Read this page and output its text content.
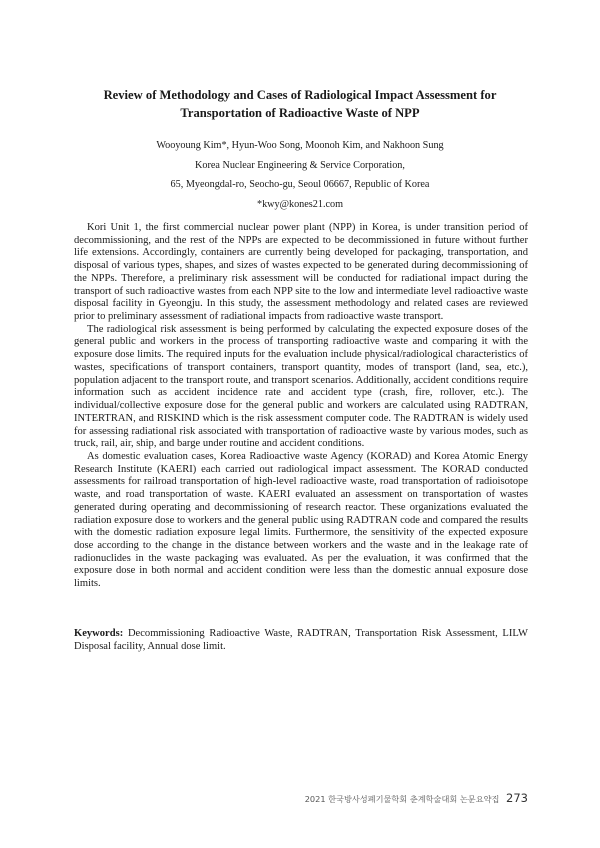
Review of Methodology and Cases of Radiological Impact Assessment for
Transportation of Radioactive Waste of NPP
Wooyoung Kim*, Hyun-Woo Song, Moonoh Kim, and Nakhoon Sung
Korea Nuclear Engineering & Service Corporation,
65, Myeongdal-ro, Seocho-gu, Seoul 06667, Republic of Korea
*kwy@kones21.com

Kori Unit 1, the first commercial nuclear power plant (NPP) in Korea, is under transition period of decommissioning, and the rest of the NPPs are expected to be decommissioned in future without further life extensions. Accordingly, containers are currently being developed for packaging, transportation, and disposal of various types, shapes, and sizes of wastes expected to be generated during decommissioning of the NPPs. Therefore, a preliminary risk assessment will be conducted for radiational impact during the transport of such radioactive wastes from each NPP site to the low and intermediate level radioactive waste disposal facility in Gyeongju. In this study, the assessment methodology and related cases are reviewed prior to preliminary assessment of radiational impacts from radioactive waste transport.

The radiological risk assessment is being performed by calculating the expected exposure doses of the general public and workers in the process of transporting radioactive waste and comparing it with the exposure dose limits. The required inputs for the evaluation include physical/radiological characteristics of wastes, specifications of transport containers, transport quantity, modes of transport (land, sea, etc.), population adjacent to the transport route, and transport scenarios. Additionally, accident conditions require information such as accident incidence rate and accident type (crash, fire, rollover, etc.). The individual/collective exposure dose for the general public and workers are calculated using RADTRAN, INTERTRAN, and RISKIND which is the risk assessment computer code. The RADTRAN is widely used for assessing radiational risk associated with transportation of radioactive waste by various modes, such as truck, rail, air, ship, and barge under routine and accident conditions.

As domestic evaluation cases, Korea Radioactive waste Agency (KORAD) and Korea Atomic Energy Research Institute (KAERI) each carried out radiological impact assessment. The KORAD conducted assessments for railroad transportation of high-level radioactive waste, road transportation of radioisotope waste, and road transportation of waste. KAERI evaluated an assessment on transportation of wastes generated during operating and decommissioning of research reactor. These organizations evaluated the radiation exposure dose to workers and the general public using RADTRAN code and compared the results with the domestic radiation exposure legal limits. Furthermore, the sensitivity of the expected exposure dose according to the change in the distance between workers and the waste and in the leakage rate of radionuclides in the waste packaging was evaluated. As per the evaluation, it was confirmed that the exposure dose in both normal and accident condition were less than the domestic annual exposure dose limits.

Keywords: Decommissioning Radioactive Waste, RADTRAN, Transportation Risk Assessment, LILW Disposal facility, Annual dose limit.

2021 한국방사성폐기물학회 춘계학술대회 논문요약집 273
